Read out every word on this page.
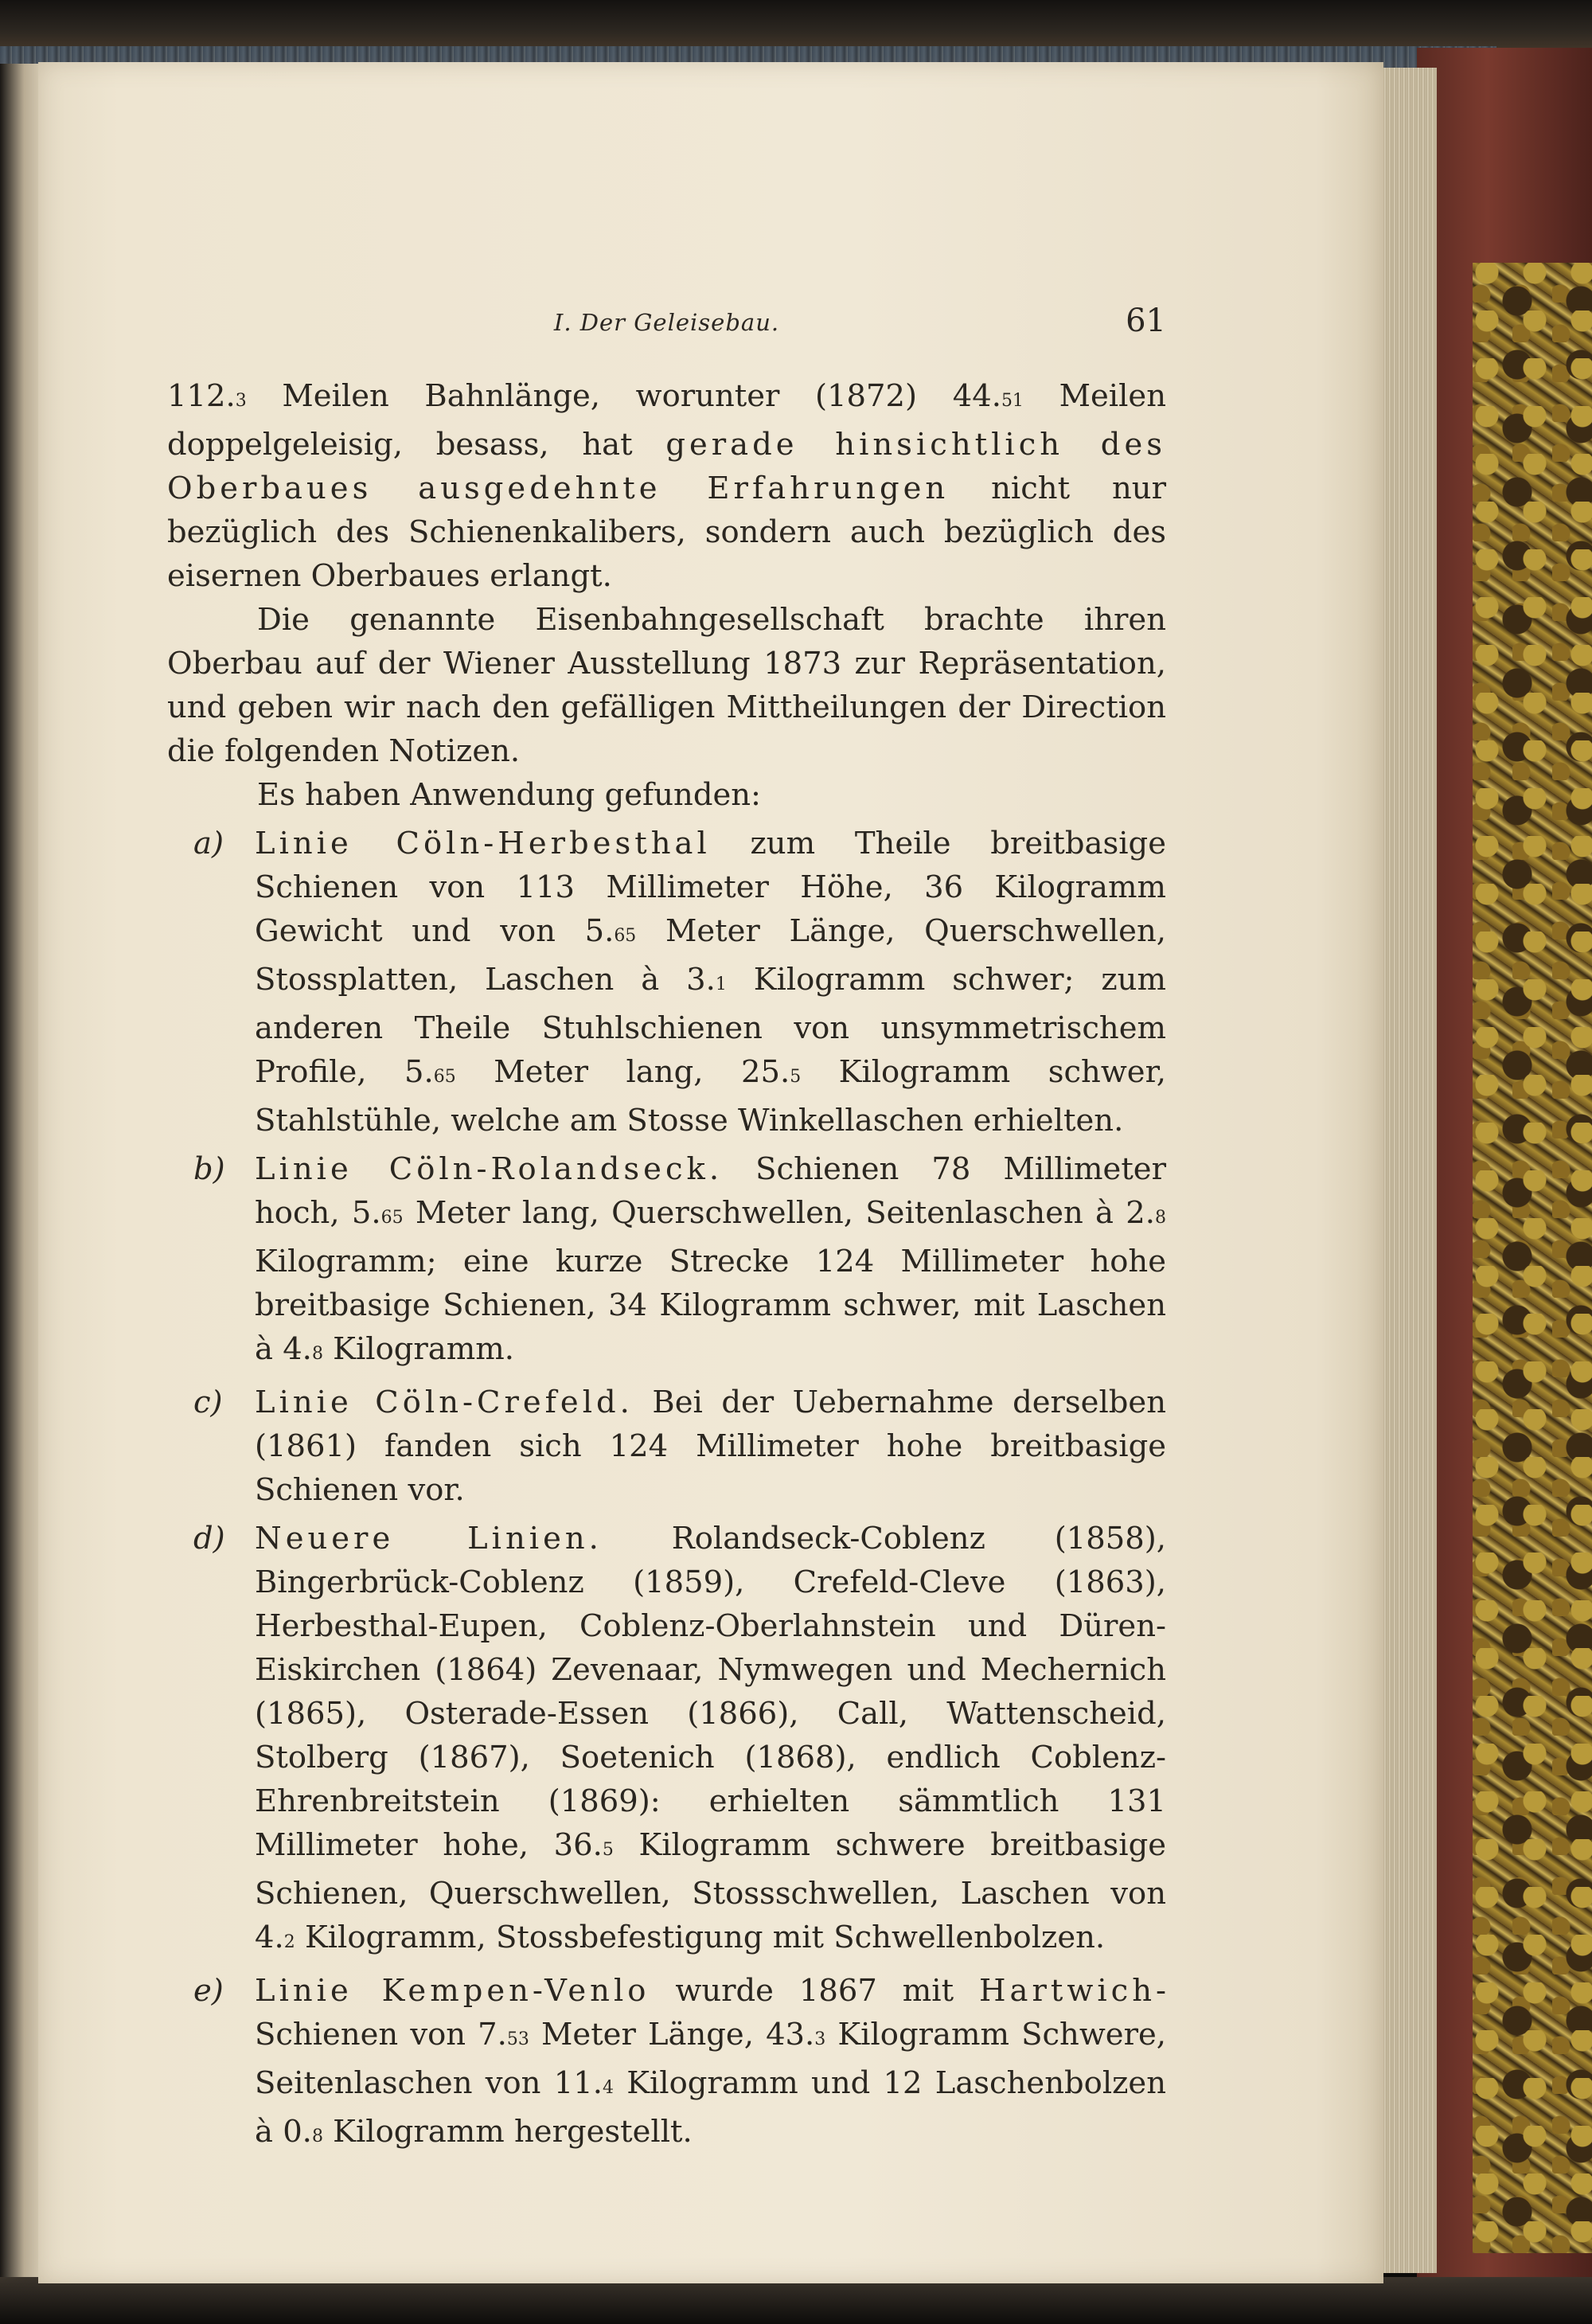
I. Der Geleisebau.	61

112.3 Meilen Bahnlänge, worunter (1872) 44.51 Meilen doppelgeleisig, besass, hat gerade hinsichtlich des Oberbaues ausgedehnte Erfahrungen nicht nur bezüglich des Schienenkalibers, sondern auch bezüglich des eisernen Oberbaues erlangt.

Die genannte Eisenbahngesellschaft brachte ihren Oberbau auf der Wiener Ausstellung 1873 zur Repräsentation, und geben wir nach den gefälligen Mittheilungen der Direction die folgenden Notizen.

Es haben Anwendung gefunden:

a) Linie Cöln-Herbesthal zum Theile breitbasige Schienen von 113 Millimeter Höhe, 36 Kilogramm Gewicht und von 5.65 Meter Länge, Querschwellen, Stossplatten, Laschen à 3.1 Kilogramm schwer; zum anderen Theile Stuhlschienen von unsymmetrischem Profile, 5.65 Meter lang, 25.5 Kilogramm schwer, Stahlstühle, welche am Stosse Winkellaschen erhielten.
b) Linie Cöln-Rolandseck. Schienen 78 Millimeter hoch, 5.65 Meter lang, Querschwellen, Seitenlaschen à 2.8 Kilogramm; eine kurze Strecke 124 Millimeter hohe breitbasige Schienen, 34 Kilogramm schwer, mit Laschen à 4.8 Kilogramm.
c) Linie Cöln-Crefeld. Bei der Uebernahme derselben (1861) fanden sich 124 Millimeter hohe breitbasige Schienen vor.
d) Neuere Linien. Rolandseck-Coblenz (1858), Bingerbrück-Coblenz (1859), Crefeld-Cleve (1863), Herbesthal-Eupen, Coblenz-Oberlahnstein und Düren-Eiskirchen (1864) Zevenaar, Nymwegen und Mechernich (1865), Osterade-Essen (1866), Call, Wattenscheid, Stolberg (1867), Soetenich (1868), endlich Coblenz-Ehrenbreitstein (1869): erhielten sämmtlich 131 Millimeter hohe, 36.5 Kilogramm schwere breitbasige Schienen, Querschwellen, Stossschwellen, Laschen von 4.2 Kilogramm, Stossbefestigung mit Schwellenbolzen.
e) Linie Kempen-Venlo wurde 1867 mit Hartwich-Schienen von 7.53 Meter Länge, 43.3 Kilogramm Schwere, Seitenlaschen von 11.4 Kilogramm und 12 Laschenbolzen à 0.8 Kilogramm hergestellt.
